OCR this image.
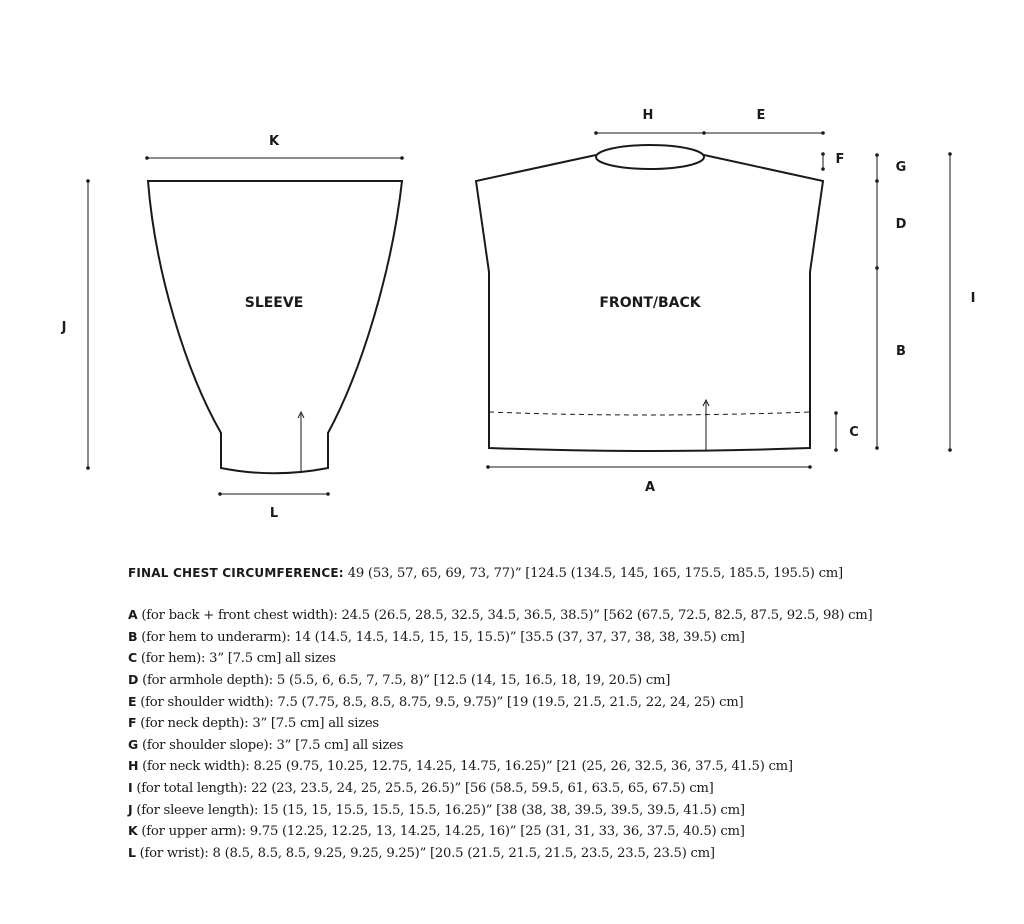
SLEEVE
K
J
L
FRONT/BACK
H	E
F
G
D
B
C
I
A
FINAL CHEST CIRCUMFERENCE: 49 (53, 57, 65, 69, 73, 77)” [124.5 (134.5, 145, 165, 175.5, 185.5, 195.5) cm]
A (for back + front chest width): 24.5 (26.5, 28.5, 32.5, 34.5, 36.5, 38.5)” [562 (67.5, 72.5, 82.5, 87.5, 92.5, 98) cm]
B (for hem to underarm): 14 (14.5, 14.5, 14.5, 15, 15, 15.5)” [35.5 (37, 37, 37, 38, 38, 39.5) cm]
C (for hem): 3” [7.5 cm] all sizes
D (for armhole depth): 5 (5.5, 6, 6.5, 7, 7.5, 8)” [12.5 (14, 15, 16.5, 18, 19, 20.5) cm]
E (for shoulder width): 7.5 (7.75, 8.5, 8.5, 8.75, 9.5, 9.75)” [19 (19.5, 21.5, 21.5, 22, 24, 25) cm]
F (for neck depth): 3” [7.5 cm] all sizes
G (for shoulder slope): 3” [7.5 cm] all sizes
H (for neck width): 8.25 (9.75, 10.25, 12.75, 14.25, 14.75, 16.25)” [21 (25, 26, 32.5, 36, 37.5, 41.5) cm]
I (for total length): 22 (23, 23.5, 24, 25, 25.5, 26.5)” [56 (58.5, 59.5, 61, 63.5, 65, 67.5) cm]
J (for sleeve length): 15 (15, 15, 15.5, 15.5, 15.5, 16.25)” [38 (38, 38, 39.5, 39.5, 39.5, 41.5) cm]
K (for upper arm): 9.75 (12.25, 12.25, 13, 14.25, 14.25, 16)” [25 (31, 31, 33, 36, 37.5, 40.5) cm]
L (for wrist): 8 (8.5, 8.5, 8.5, 9.25, 9.25, 9.25)” [20.5 (21.5, 21.5, 21.5, 23.5, 23.5, 23.5) cm]
